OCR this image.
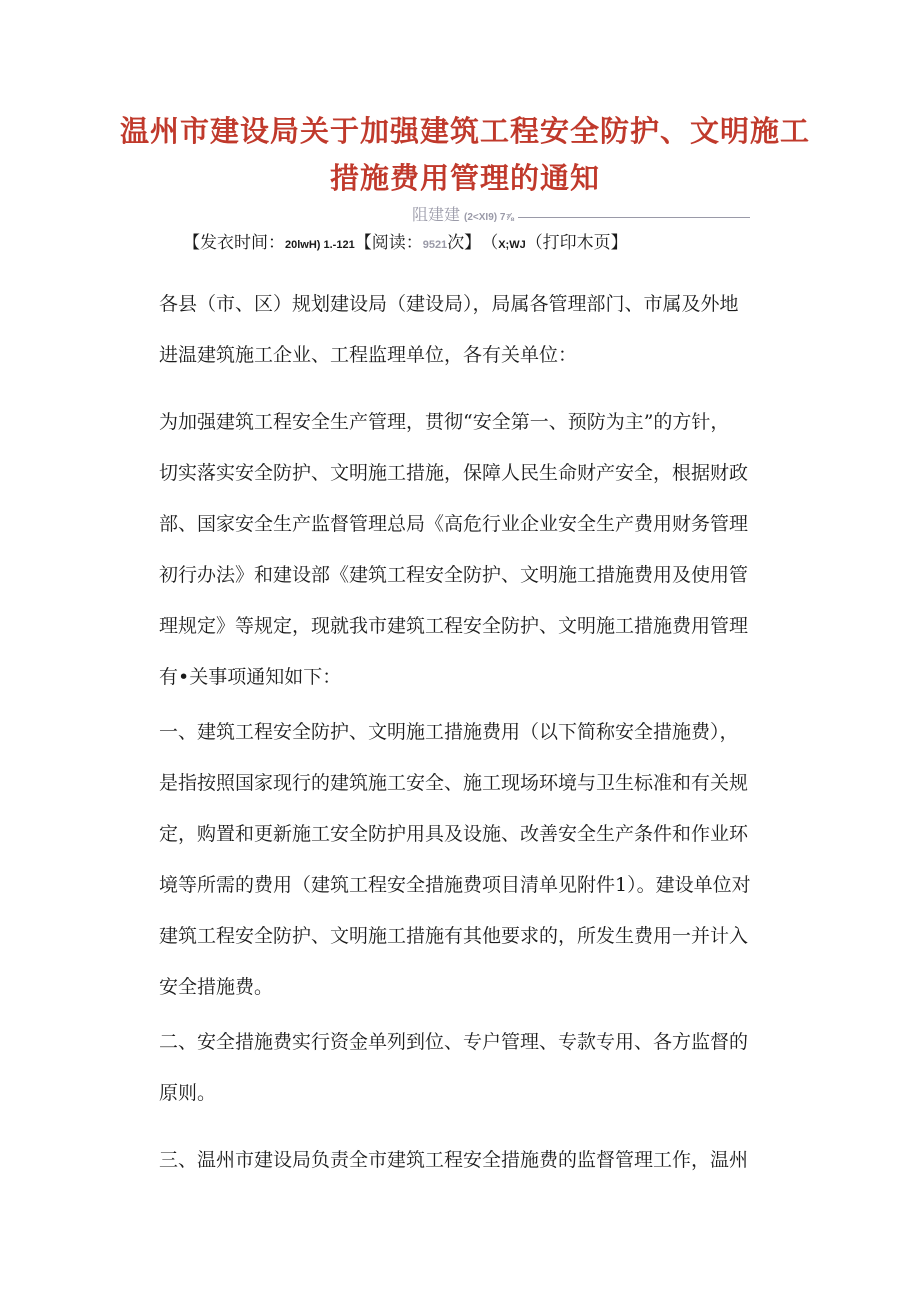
温州市建设局关于加强建筑工程安全防护、文明施工
措施费用管理的通知
阻建建 (2<XI9) 7⅞
【发衣时间： 20lwH) 1.-121 【阅读： 9521 次】 （ X;WJ （打印木页】
各县（市、区）规划建设局（建设局），局属各管理部门、市属及外地
进温建筑施工企业、工程监理单位，各有关单位：
为加强建筑工程安全生产管理，贯彻“安全第一、预防为主”的方针，
切实落实安全防护、文明施工措施，保障人民生命财产安全，根据财政
部、国家安全生产监督管理总局《高危行业企业安全生产费用财务管理
初行办法》和建设部《建筑工程安全防护、文明施工措施费用及使用管
理规定》等规定，现就我市建筑工程安全防护、文明施工措施费用管理
有•关事项通知如下：
一、建筑工程安全防护、文明施工措施费用（以下简称安全措施费），
是指按照国家现行的建筑施工安全、施工现场环境与卫生标准和有关规
定，购置和更新施工安全防护用具及设施、改善安全生产条件和作业环
境等所需的费用（建筑工程安全措施费项目清单见附件1）。建设单位对
建筑工程安全防护、文明施工措施有其他要求的，所发生费用一并计入
安全措施费。
二、安全措施费实行资金单列到位、专户管理、专款专用、各方监督的
原则。
三、温州市建设局负责全市建筑工程安全措施费的监督管理工作，温州
